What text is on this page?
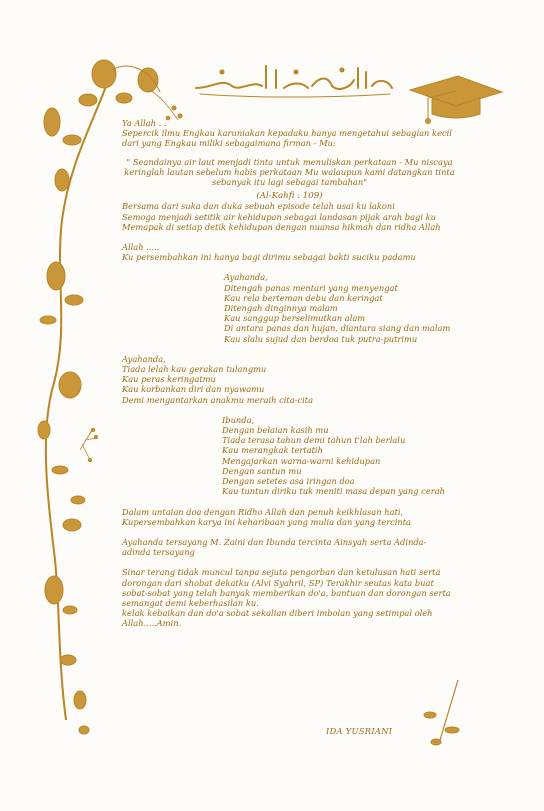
Ya Allah . .

Sepercik ilmu Engkau karuniakan kepadaku hanya mengetahui sebagian kecil

dari yang Engkau miliki sebagaimana firman - Mu:

" Seandainya air laut menjadi tinta untuk menuliskan perkataan - Mu niscaya

keringlah lautan sebelum habis perkataan Mu walaupun kami datangkan tinta

sebanyak itu lagi sebagai tambahan"

(Al-Kahfi : 109)

Bersama dari suka dan duka sebuah episode telah usai ku lakoni

Semoga menjadi setitik air kehidupan sebagai landasan pijak arah bagi ku

Memapak di setiap detik kehidupan dengan nuansa hikmah dan ridha Allah

Allah .....

Ku persembahkan ini hanya bagi dirimu sebagai bakti suciku padamu

Ayahanda,

Ditengah panas mentari yang menyengat

Kau rela berteman debu dan keringat

Ditengah dinginnya malam

Kau sanggup berselimutkan alam

Di antara panas dan hujan, diantara siang dan malam

Kau slalu sujud dan berdoa tuk putra-putrimu

Ayahanda,

Tiada lelah kau gerakan tulangmu

Kau peras keringatmu

Kau korbankan diri dan nyawamu

Demi mengantarkan anakmu meraih cita-cita

Ibunda,

Dengan belaian kasih mu

Tiada terasa tahun demi tahun t'lah berlalu

Kau merangkak tertatih

Mengajarkan warna-warni kehidupan

Dengan santun mu

Dengan setetes asa iringan doa

Kau tuntun diriku tuk meniti masa depan yang cerah

Dalam untaian doa dengan Ridho Allah dan penuh keikhlasan hati,

Kupersembahkan karya ini keharibaan yang mulia dan yang tercinta

Ayahanda tersayang M. Zaini dan Ibunda tercinta Ainsyah serta Adinda-

adinda tersayang

Sinar terang tidak muncul tanpa sejuta pengorban dan ketulusan hati serta

dorongan dari shobat dekatku (Alvi Syahril, SP) Terakhir seutas kata buat

sobat-sobat yang telah banyak memberikan do'a, bantuan dan dorongan serta

semangat demi keberhasilan ku.

kelak kebaikan dan do'a sobat sekalian diberi imbolan yang setimpal oleh

Allah.....Amin.

IDA YUSRIANI
